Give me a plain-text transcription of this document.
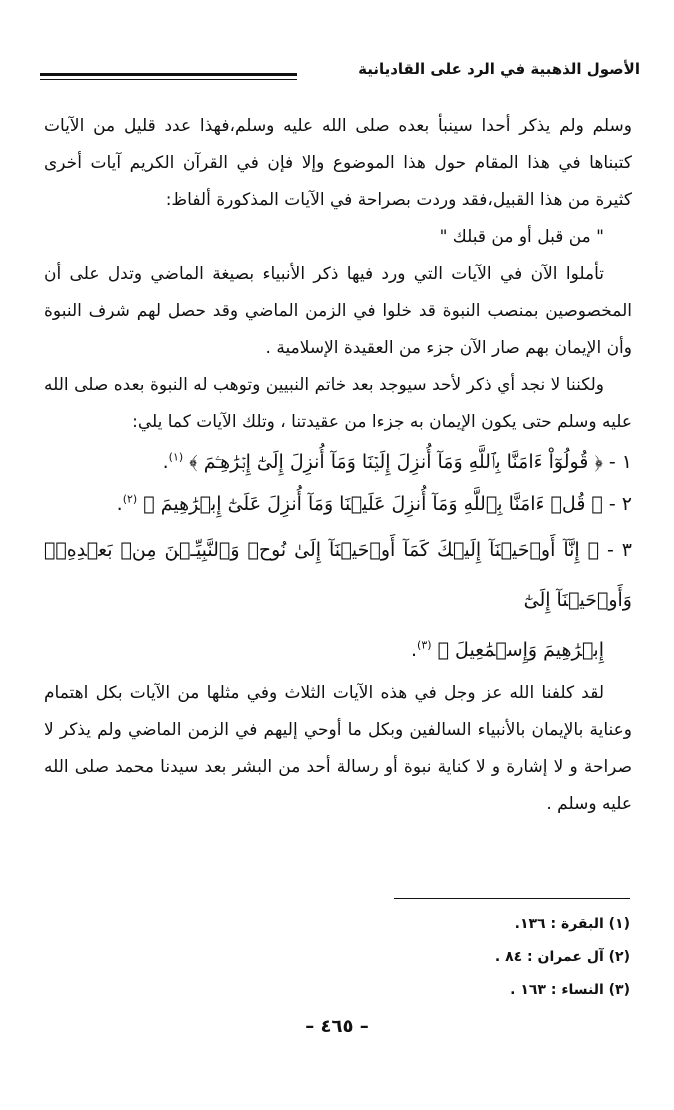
الأصول الذهبية في الرد على القاديانية

وسلم ولم يذكر أحدا سينبأ بعده صلى الله عليه وسلم،فهذا عدد قليل من الآيات كتبناها في هذا المقام حول هذا الموضوع وإلا فإن في القرآن الكريم آيات أخرى كثيرة من هذا القبيل،فقد وردت بصراحة في الآيات المذكورة ألفاظ:

" من قبل أو من قبلك "

تأملوا الآن في الآيات التي ورد فيها ذكر الأنبياء بصيغة الماضي وتدل على أن المخصوصين بمنصب النبوة قد خلوا في الزمن الماضي وقد حصل لهم شرف النبوة وأن الإيمان بهم صار الآن جزء من العقيدة الإسلامية .

ولكننا لا نجد أي ذكر لأحد سيوجد بعد خاتم النبيين وتوهب له النبوة بعده صلى الله عليه وسلم حتى يكون الإيمان به جزءا من عقيدتنا ، وتلك الآيات كما يلي:

١ - ﴿ قُولُوٓاْ ءَامَنَّا بِٱللَّهِ وَمَآ أُنزِلَ إِلَيۡنَا وَمَآ أُنزِلَ إِلَىٰٓ إِبۡرَٰهِـۧمَ ﴾ $^{(١)}$.

٢ - ﴿ قُلۡ ءَامَنَّا بِٱللَّهِ وَمَآ أُنزِلَ عَلَيۡنَا وَمَآ أُنزِلَ عَلَىٰٓ إِبۡرَٰهِيمَ ﴾ $^{(٢)}$.

٣ - ﴿ إِنَّآ أَوۡحَيۡنَآ إِلَيۡكَ كَمَآ أَوۡحَيۡنَآ إِلَىٰ نُوحٖ وَٱلنَّبِيِّـۧنَ مِنۢ بَعۡدِهِۦۚ وَأَوۡحَيۡنَآ إِلَىٰٓ

إِبۡرَٰهِيمَ وَإِسۡمَٰعِيلَ ﴾ $^{(٣)}$.

لقد كلفنا الله عز وجل في هذه الآيات الثلاث وفي مثلها من الآيات بكل اهتمام وعناية بالإيمان بالأنبياء السالفين وبكل ما أوحي إليهم في الزمن الماضي ولم يذكر لا صراحة و لا إشارة و لا كناية نبوة أو رسالة أحد من البشر بعد سيدنا محمد صلى الله عليه وسلم .

(١) البقرة : ١٣٦.

(٢) آل عمران : ٨٤ .

(٣) النساء : ١٦٣ .

– ٤٦٥ –
